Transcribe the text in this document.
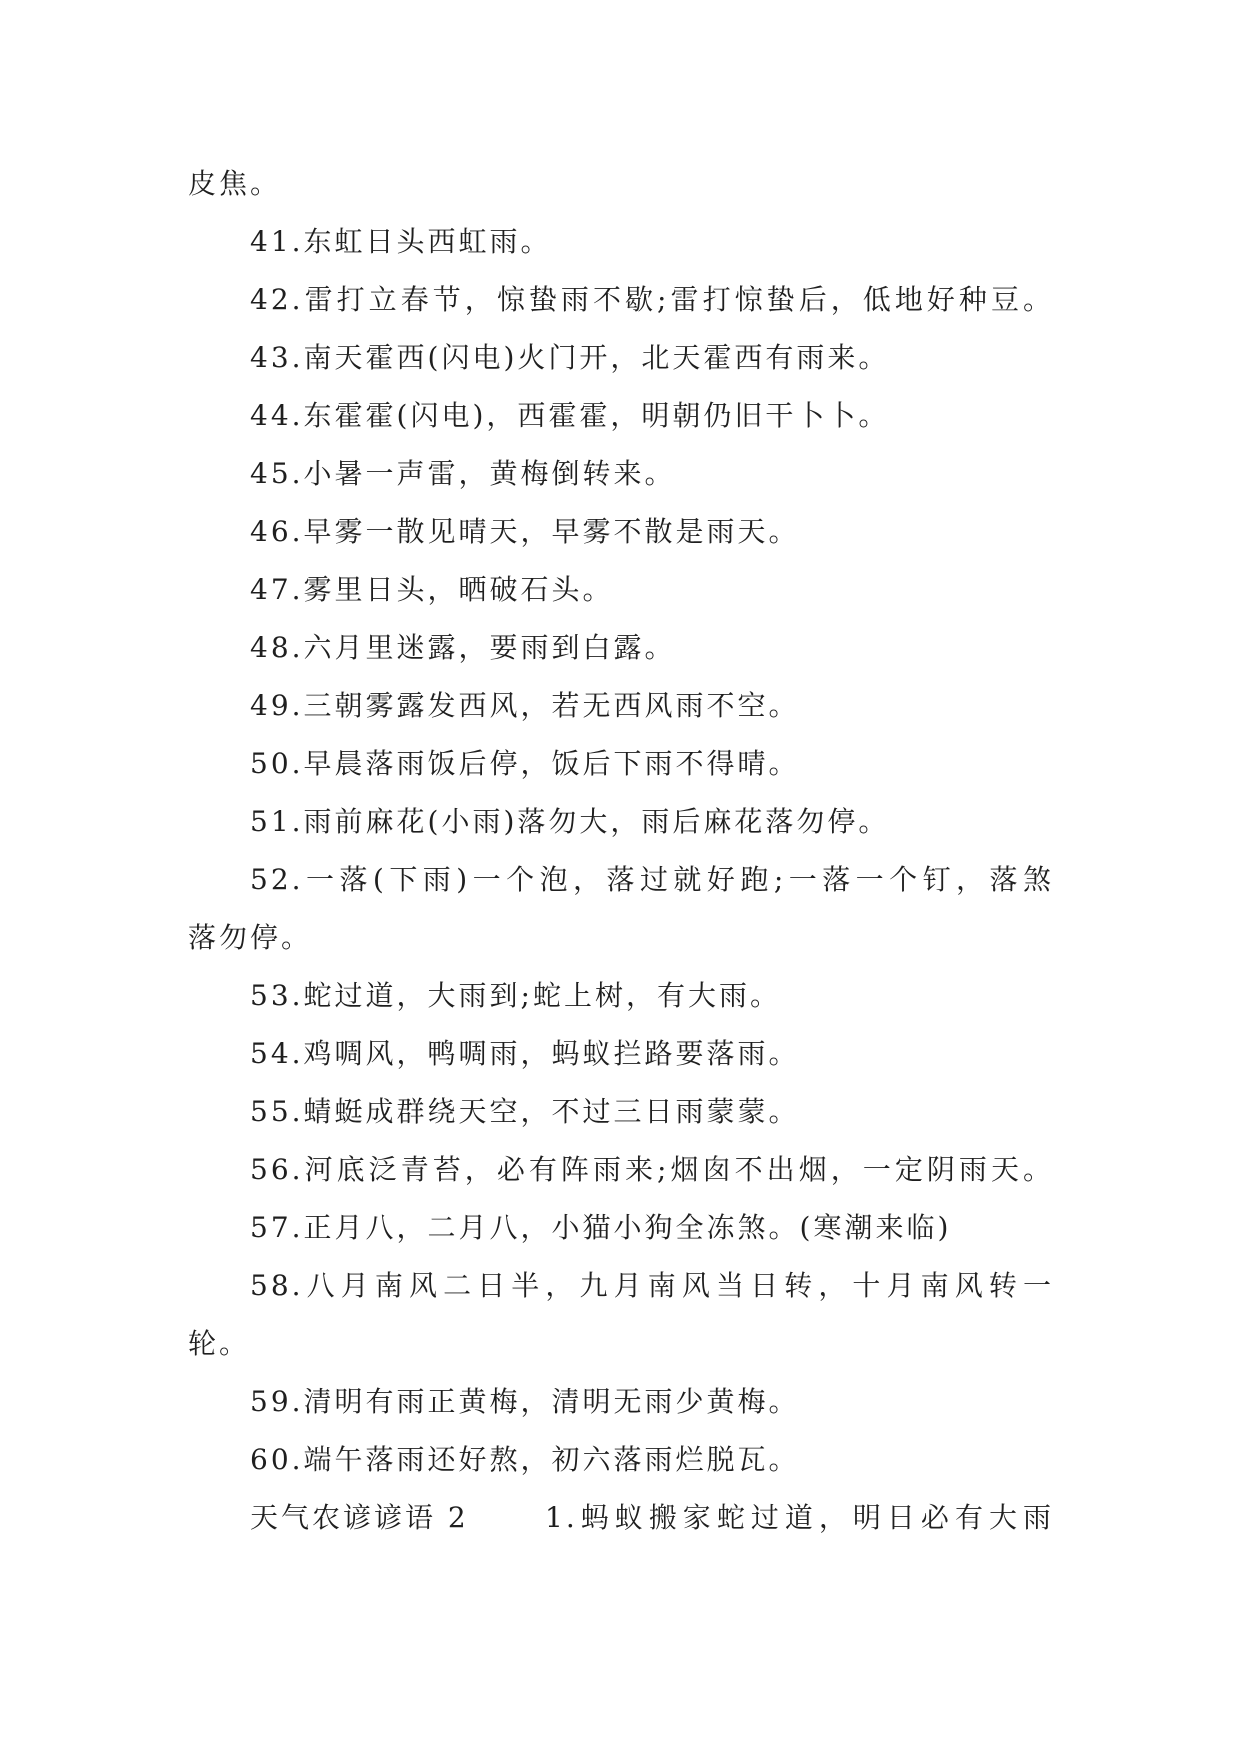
皮焦。
41.东虹日头西虹雨。
42.雷打立春节，惊蛰雨不歇;雷打惊蛰后，低地好种豆。
43.南天霍西(闪电)火门开，北天霍西有雨来。
44.东霍霍(闪电)，西霍霍，明朝仍旧干卜卜。
45.小暑一声雷，黄梅倒转来。
46.早雾一散见晴天，早雾不散是雨天。
47.雾里日头，晒破石头。
48.六月里迷露，要雨到白露。
49.三朝雾露发西风，若无西风雨不空。
50.早晨落雨饭后停，饭后下雨不得晴。
51.雨前麻花(小雨)落勿大，雨后麻花落勿停。
52.一落(下雨)一个泡，落过就好跑;一落一个钉，落煞
落勿停。
53.蛇过道，大雨到;蛇上树，有大雨。
54.鸡啁风，鸭啁雨，蚂蚁拦路要落雨。
55.蜻蜓成群绕天空，不过三日雨蒙蒙。
56.河底泛青苔，必有阵雨来;烟囱不出烟，一定阴雨天。
57.正月八，二月八，小猫小狗全冻煞。(寒潮来临)
58.八月南风二日半，九月南风当日转，十月南风转一
轮。
59.清明有雨正黄梅，清明无雨少黄梅。
60.端午落雨还好熬，初六落雨烂脱瓦。
天气农谚谚语 2	1.蚂蚁搬家蛇过道，明日必有大雨
